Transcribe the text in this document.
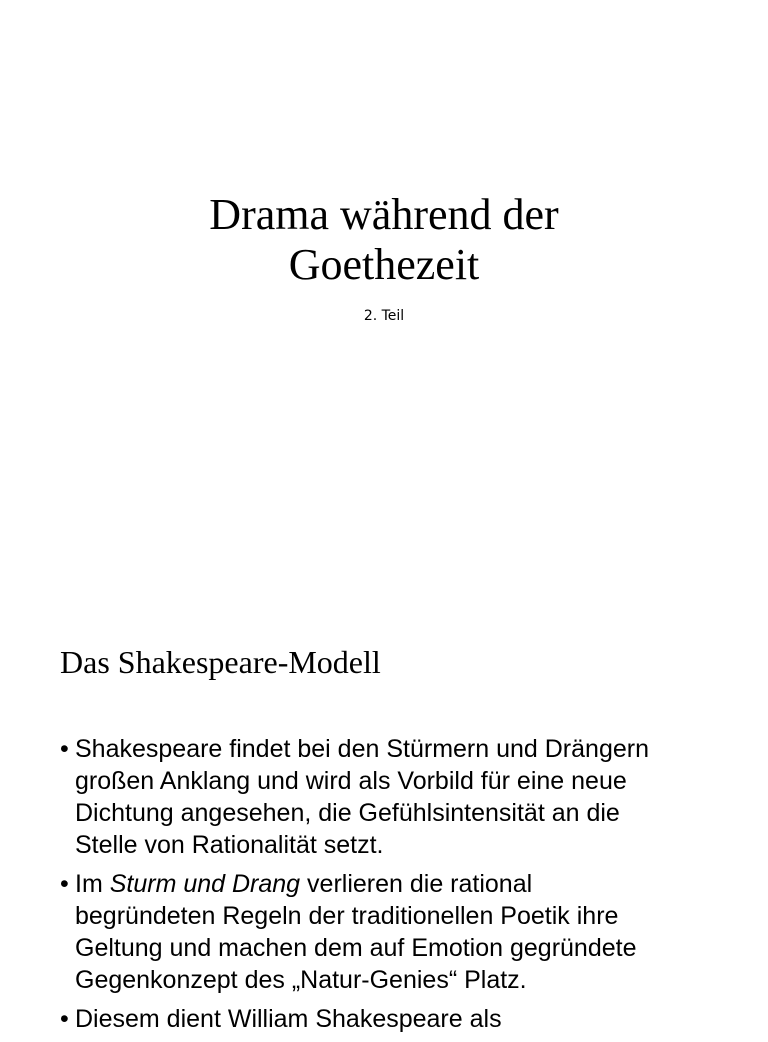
Drama während der
Goethezeit
2. Teil
Das Shakespeare-Modell
• Shakespeare findet bei den Stürmern und Drängern
großen Anklang und wird als Vorbild für eine neue
Dichtung angesehen, die Gefühlsintensität an die
Stelle von Rationalität setzt.
• Im Sturm und Drang verlieren die rational
begründeten Regeln der traditionellen Poetik ihre
Geltung und machen dem auf Emotion gegründete
Gegenkonzept des „Natur-Genies“ Platz.
• Diesem dient William Shakespeare als
